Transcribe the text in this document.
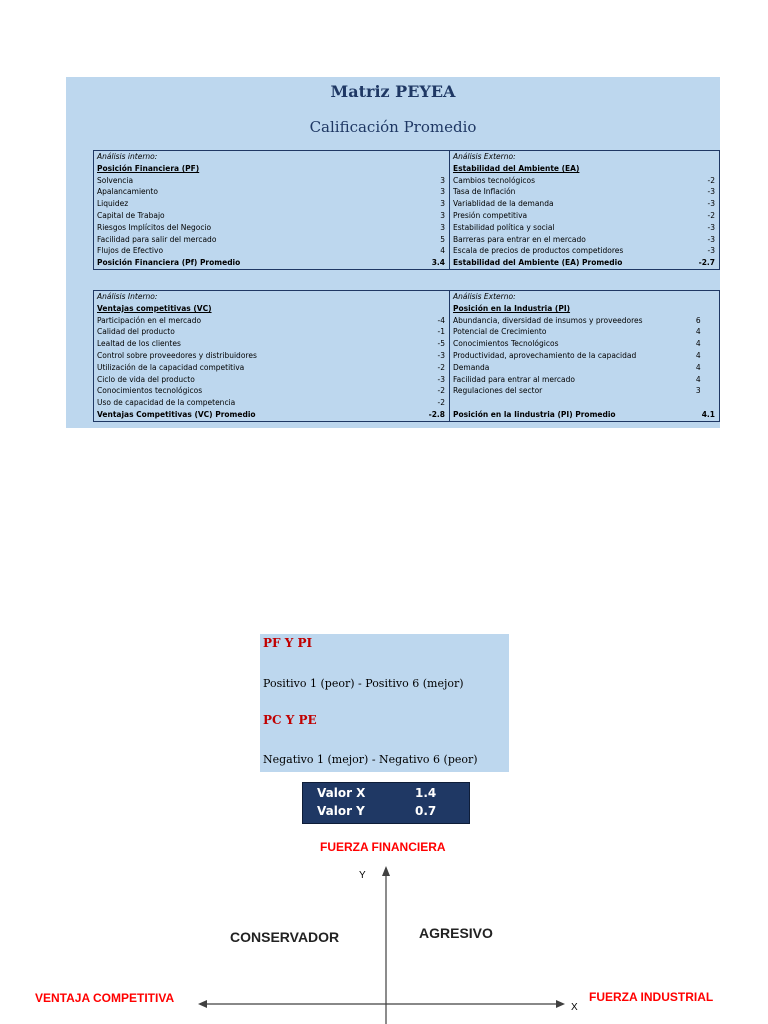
Matriz PEYEA
Calificación Promedio
Análisis interno:		Análisis Externo:	
Posición Financiera (PF)		Estabilidad del Ambiente (EA)	
Solvencia	3	Cambios tecnológicos	-2
Apalancamiento	3	Tasa de Inflación	-3
Liquidez	3	Variablidad de la demanda	-3
Capital de Trabajo	3	Presión competitiva	-2
Riesgos Implícitos del Negocio	3	Estabilidad política y social	-3
Facilidad para salir del mercado	5	Barreras para entrar en el mercado	-3
Flujos de Efectivo	4	Escala de precios de productos competidores	-3
Posición Financiera (Pf) Promedio	3.4	Estabilidad del Ambiente (EA) Promedio	-2.7
Análisis Interno:		Análisis Externo:	
Ventajas competitivas (VC)		Posición en la Industria (PI)	
Participación en el mercado	-4	Abundancia, diversidad de insumos y proveedores	6
Calidad del producto	-1	Potencial de Crecimiento	4
Lealtad de los clientes	-5	Conocimientos Tecnológicos	4
Control sobre proveedores y distribuidores	-3	Productividad, aprovechamiento de la capacidad	4
Utilización de la capacidad competitiva	-2	Demanda	4
Ciclo de vida del producto	-3	Facilidad para entrar al mercado	4
Conocimientos tecnológicos	-2	Regulaciones del sector	3
Uso de capacidad de la competencia	-2		
Ventajas Competitivas (VC) Promedio	-2.8	Posición en la Iindustria (PI) Promedio	4.1
PF Y PI
Positivo 1 (peor) - Positivo 6 (mejor)
PC Y PE
Negativo 1 (mejor) - Negativo 6 (peor)
Valor X	1.4
Valor Y	0.7
FUERZA FINANCIERA
Y
CONSERVADOR	AGRESIVO
VENTAJA COMPETITIVA	FUERZA INDUSTRIAL
X
